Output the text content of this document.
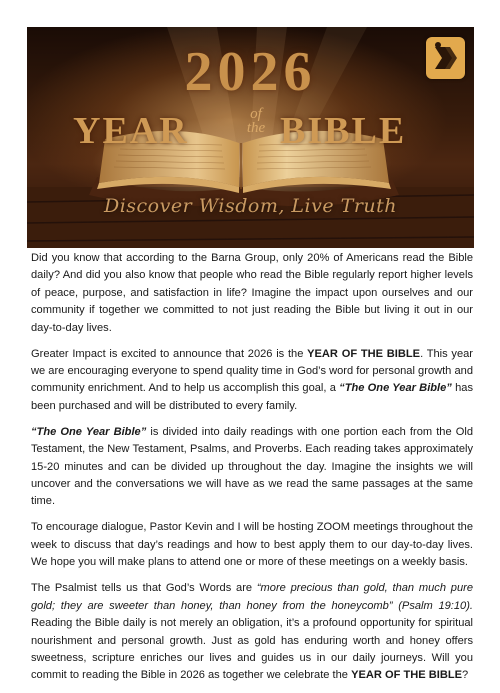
2026
YEAR BIBLE
of
the
Discover Wisdom, Live Truth

Did you know that according to the Barna Group, only 20% of Americans read the Bible daily? And did you also know that people who read the Bible regularly report higher levels of peace, purpose, and satisfaction in life? Imagine the impact upon ourselves and our community if together we committed to not just reading the Bible but living it out in our day-to-day lives.

Greater Impact is excited to announce that 2026 is the YEAR OF THE BIBLE. This year we are encouraging everyone to spend quality time in God’s word for personal growth and community enrichment. And to help us accomplish this goal, a “The One Year Bible” has been purchased and will be distributed to every family.

“The One Year Bible” is divided into daily readings with one portion each from the Old Testament, the New Testament, Psalms, and Proverbs. Each reading takes approximately 15-20 minutes and can be divided up throughout the day. Imagine the insights we will uncover and the conversations we will have as we read the same passages at the same time.

To encourage dialogue, Pastor Kevin and I will be hosting ZOOM meetings throughout the week to discuss that day’s readings and how to best apply them to our day-to-day lives. We hope you will make plans to attend one or more of these meetings on a weekly basis.

The Psalmist tells us that God’s Words are “more precious than gold, than much pure gold; they are sweeter than honey, than honey from the honeycomb” (Psalm 19:10). Reading the Bible daily is not merely an obligation, it’s a profound opportunity for spiritual nourishment and personal growth. Just as gold has enduring worth and honey offers sweetness, scripture enriches our lives and guides us in our daily journeys. Will you commit to reading the Bible in 2026 as together we celebrate the YEAR OF THE BIBLE?
